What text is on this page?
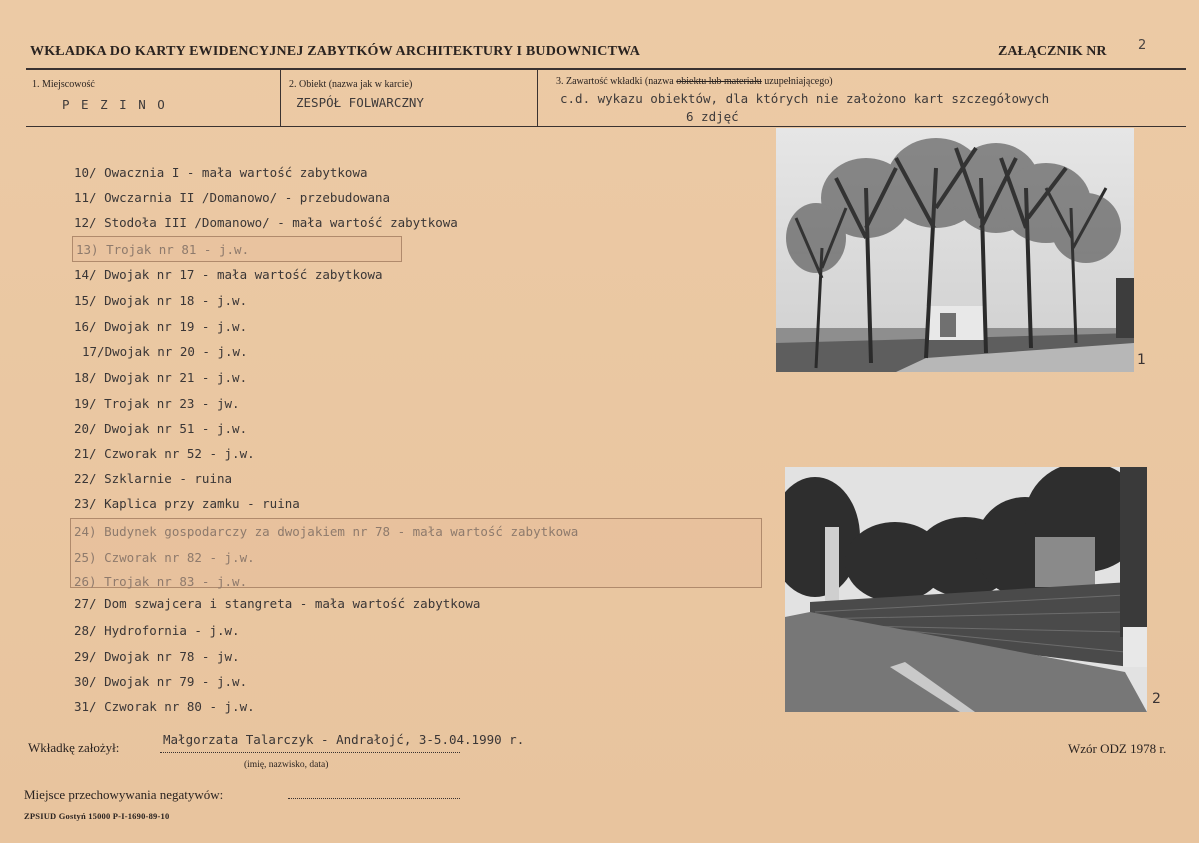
WKŁADKA DO KARTY EWIDENCYJNEJ ZABYTKÓW ARCHITEKTURY I BUDOWNICTWA	ZAŁĄCZNIK NR 2
1. Miejscowość
P E Z I N O
2. Obiekt (nazwa jak w karcie)
ZESPÓŁ FOLWARCZNY
3. Zawartość wkładki (nazwa obiektu lub materiału uzupełniającego)
c.d. wykazu obiektów, dla których nie założono kart szczegółowych
6 zdjęć
10/ Owacznia I - mała wartość zabytkowa
11/ Owczarnia II /Domanowo/ - przebudowana
12/ Stodoła III /Domanowo/ - mała wartość zabytkowa
13) Trojak nr 81 - j.w.
14/ Dwojak nr 17 - mała wartość zabytkowa
15/ Dwojak nr 18 - j.w.
16/ Dwojak nr 19 - j.w.
17/Dwojak nr 20 - j.w.
18/ Dwojak nr 21 - j.w.
19/ Trojak nr 23 - jw.
20/ Dwojak nr 51 - j.w.
21/ Czworak nr 52 - j.w.
22/ Szklarnie - ruina
23/ Kaplica przy zamku - ruina
24) Budynek gospodarczy za dwojakiem nr 78 - mała wartość zabytkowa
25) Czworak nr 82 - j.w.
26) Trojak nr 83 - j.w.
27/ Dom szwajcera i stangreta - mała wartość zabytkowa
28/ Hydrofornia - j.w.
29/ Dwojak nr 78 - jw.
30/ Dwojak nr 79 - j.w.
31/ Czworak nr 80 - j.w.
1
2
Wkładkę założył:
Małgorzata Talarczyk - Andrałojć, 3-5.04.1990 r.
(imię, nazwisko, data)
Wzór ODZ 1978 r.
Miejsce przechowywania negatywów:
ZPSIUD Gostyń 15000 P-I-1690-89-10
